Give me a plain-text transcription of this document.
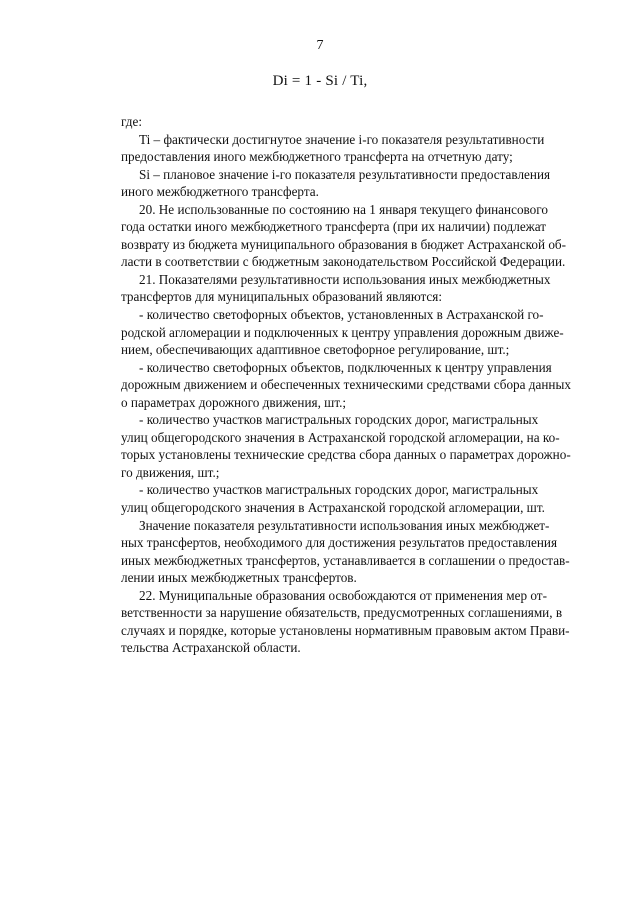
7
Di = 1 - Si / Ti,
где:
Ti – фактически достигнутое значение i-го показателя результативности
предоставления иного межбюджетного трансферта на отчетную дату;
Si – плановое значение i-го показателя результативности предоставления
иного межбюджетного трансферта.
20. Не использованные по состоянию на 1 января текущего финансового
года остатки иного межбюджетного трансферта (при их наличии) подлежат
возврату из бюджета муниципального образования в бюджет Астраханской об-
ласти в соответствии с бюджетным законодательством Российской Федерации.
21. Показателями результативности использования иных межбюджетных
трансфертов для муниципальных образований являются:
- количество светофорных объектов, установленных в Астраханской го-
родской агломерации и подключенных к центру управления дорожным движе-
нием, обеспечивающих адаптивное светофорное регулирование, шт.;
- количество светофорных объектов, подключенных к центру управления
дорожным движением и обеспеченных техническими средствами сбора данных
о параметрах дорожного движения, шт.;
- количество участков магистральных городских дорог, магистральных
улиц общегородского значения в Астраханской городской агломерации, на ко-
торых установлены технические средства сбора данных о параметрах дорожно-
го движения, шт.;
- количество участков магистральных городских дорог, магистральных
улиц общегородского значения в Астраханской городской агломерации, шт.
Значение показателя результативности использования иных межбюджет-
ных трансфертов, необходимого для достижения результатов предоставления
иных межбюджетных трансфертов, устанавливается в соглашении о предостав-
лении иных межбюджетных трансфертов.
22. Муниципальные образования освобождаются от применения мер от-
ветственности за нарушение обязательств, предусмотренных соглашениями, в
случаях и порядке, которые установлены нормативным правовым актом Прави-
тельства Астраханской области.
